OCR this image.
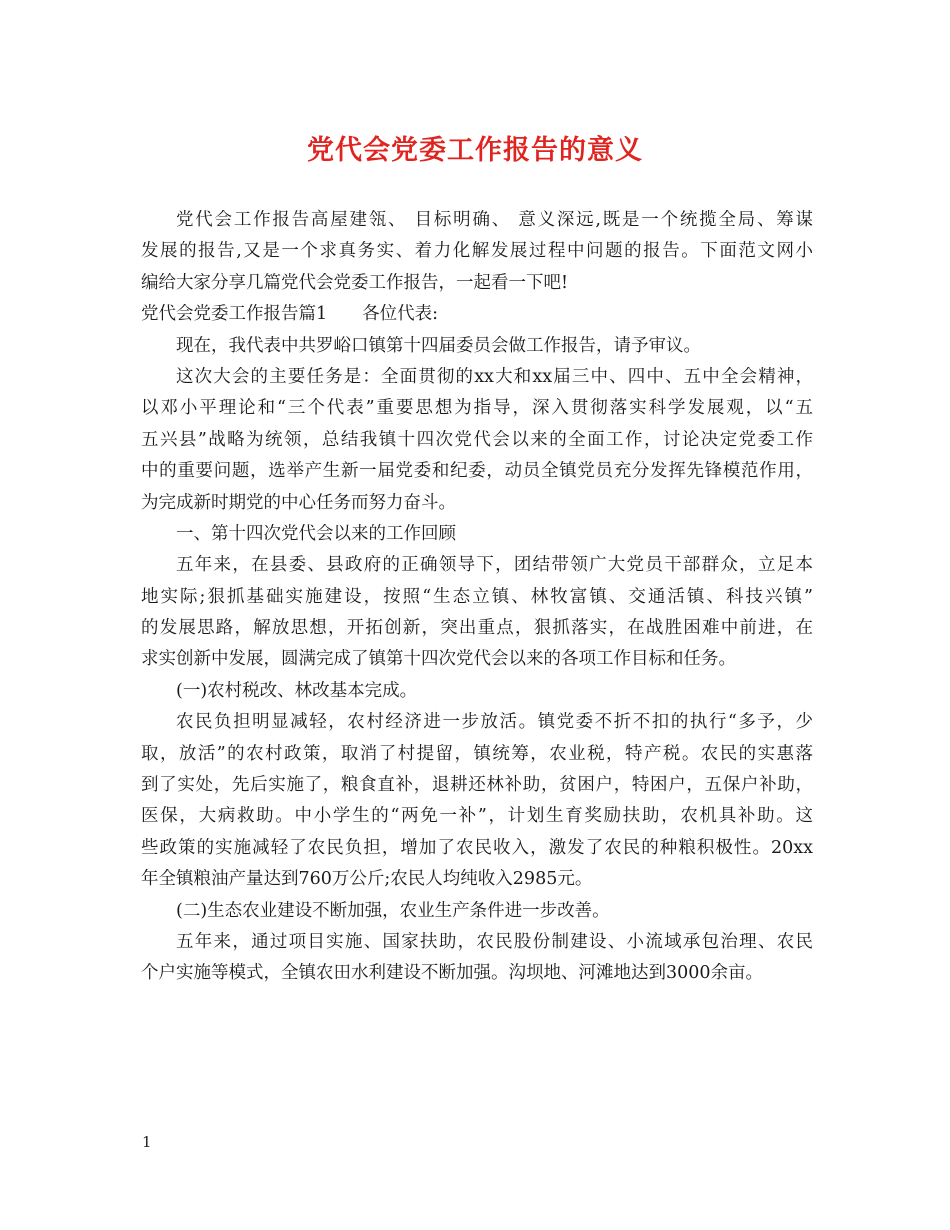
党代会党委工作报告的意义
党代会工作报告高屋建瓴、 目标明确、 意义深远,既是一个统揽全局、筹谋
发展的报告,又是一个求真务实、着力化解发展过程中问题的报告。下面范文网小
编给大家分享几篇党代会党委工作报告，一起看一下吧!
党代会党委工作报告篇1　　各位代表:
现在，我代表中共罗峪口镇第十四届委员会做工作报告，请予审议。
这次大会的主要任务是：全面贯彻的xx大和xx届三中、四中、五中全会精神，
以邓小平理论和“三个代表”重要思想为指导，深入贯彻落实科学发展观，以“五
五兴县”战略为统领，总结我镇十四次党代会以来的全面工作，讨论决定党委工作
中的重要问题，选举产生新一届党委和纪委，动员全镇党员充分发挥先锋模范作用，
为完成新时期党的中心任务而努力奋斗。
一、第十四次党代会以来的工作回顾
五年来，在县委、县政府的正确领导下，团结带领广大党员干部群众，立足本
地实际;狠抓基础实施建设，按照“生态立镇、林牧富镇、交通活镇、科技兴镇”
的发展思路，解放思想，开拓创新，突出重点，狠抓落实，在战胜困难中前进，在
求实创新中发展，圆满完成了镇第十四次党代会以来的各项工作目标和任务。
(一)农村税改、林改基本完成。
农民负担明显减轻，农村经济进一步放活。镇党委不折不扣的执行“多予，少
取，放活”的农村政策，取消了村提留，镇统筹，农业税，特产税。农民的实惠落
到了实处，先后实施了，粮食直补，退耕还林补助，贫困户，特困户，五保户补助，
医保，大病救助。中小学生的“两免一补”，计划生育奖励扶助，农机具补助。这
些政策的实施减轻了农民负担，增加了农民收入，激发了农民的种粮积极性。20xx
年全镇粮油产量达到760万公斤;农民人均纯收入2985元。
(二)生态农业建设不断加强，农业生产条件进一步改善。
五年来，通过项目实施、国家扶助，农民股份制建设、小流域承包治理、农民
个户实施等模式，全镇农田水利建设不断加强。沟坝地、河滩地达到3000余亩。
1
